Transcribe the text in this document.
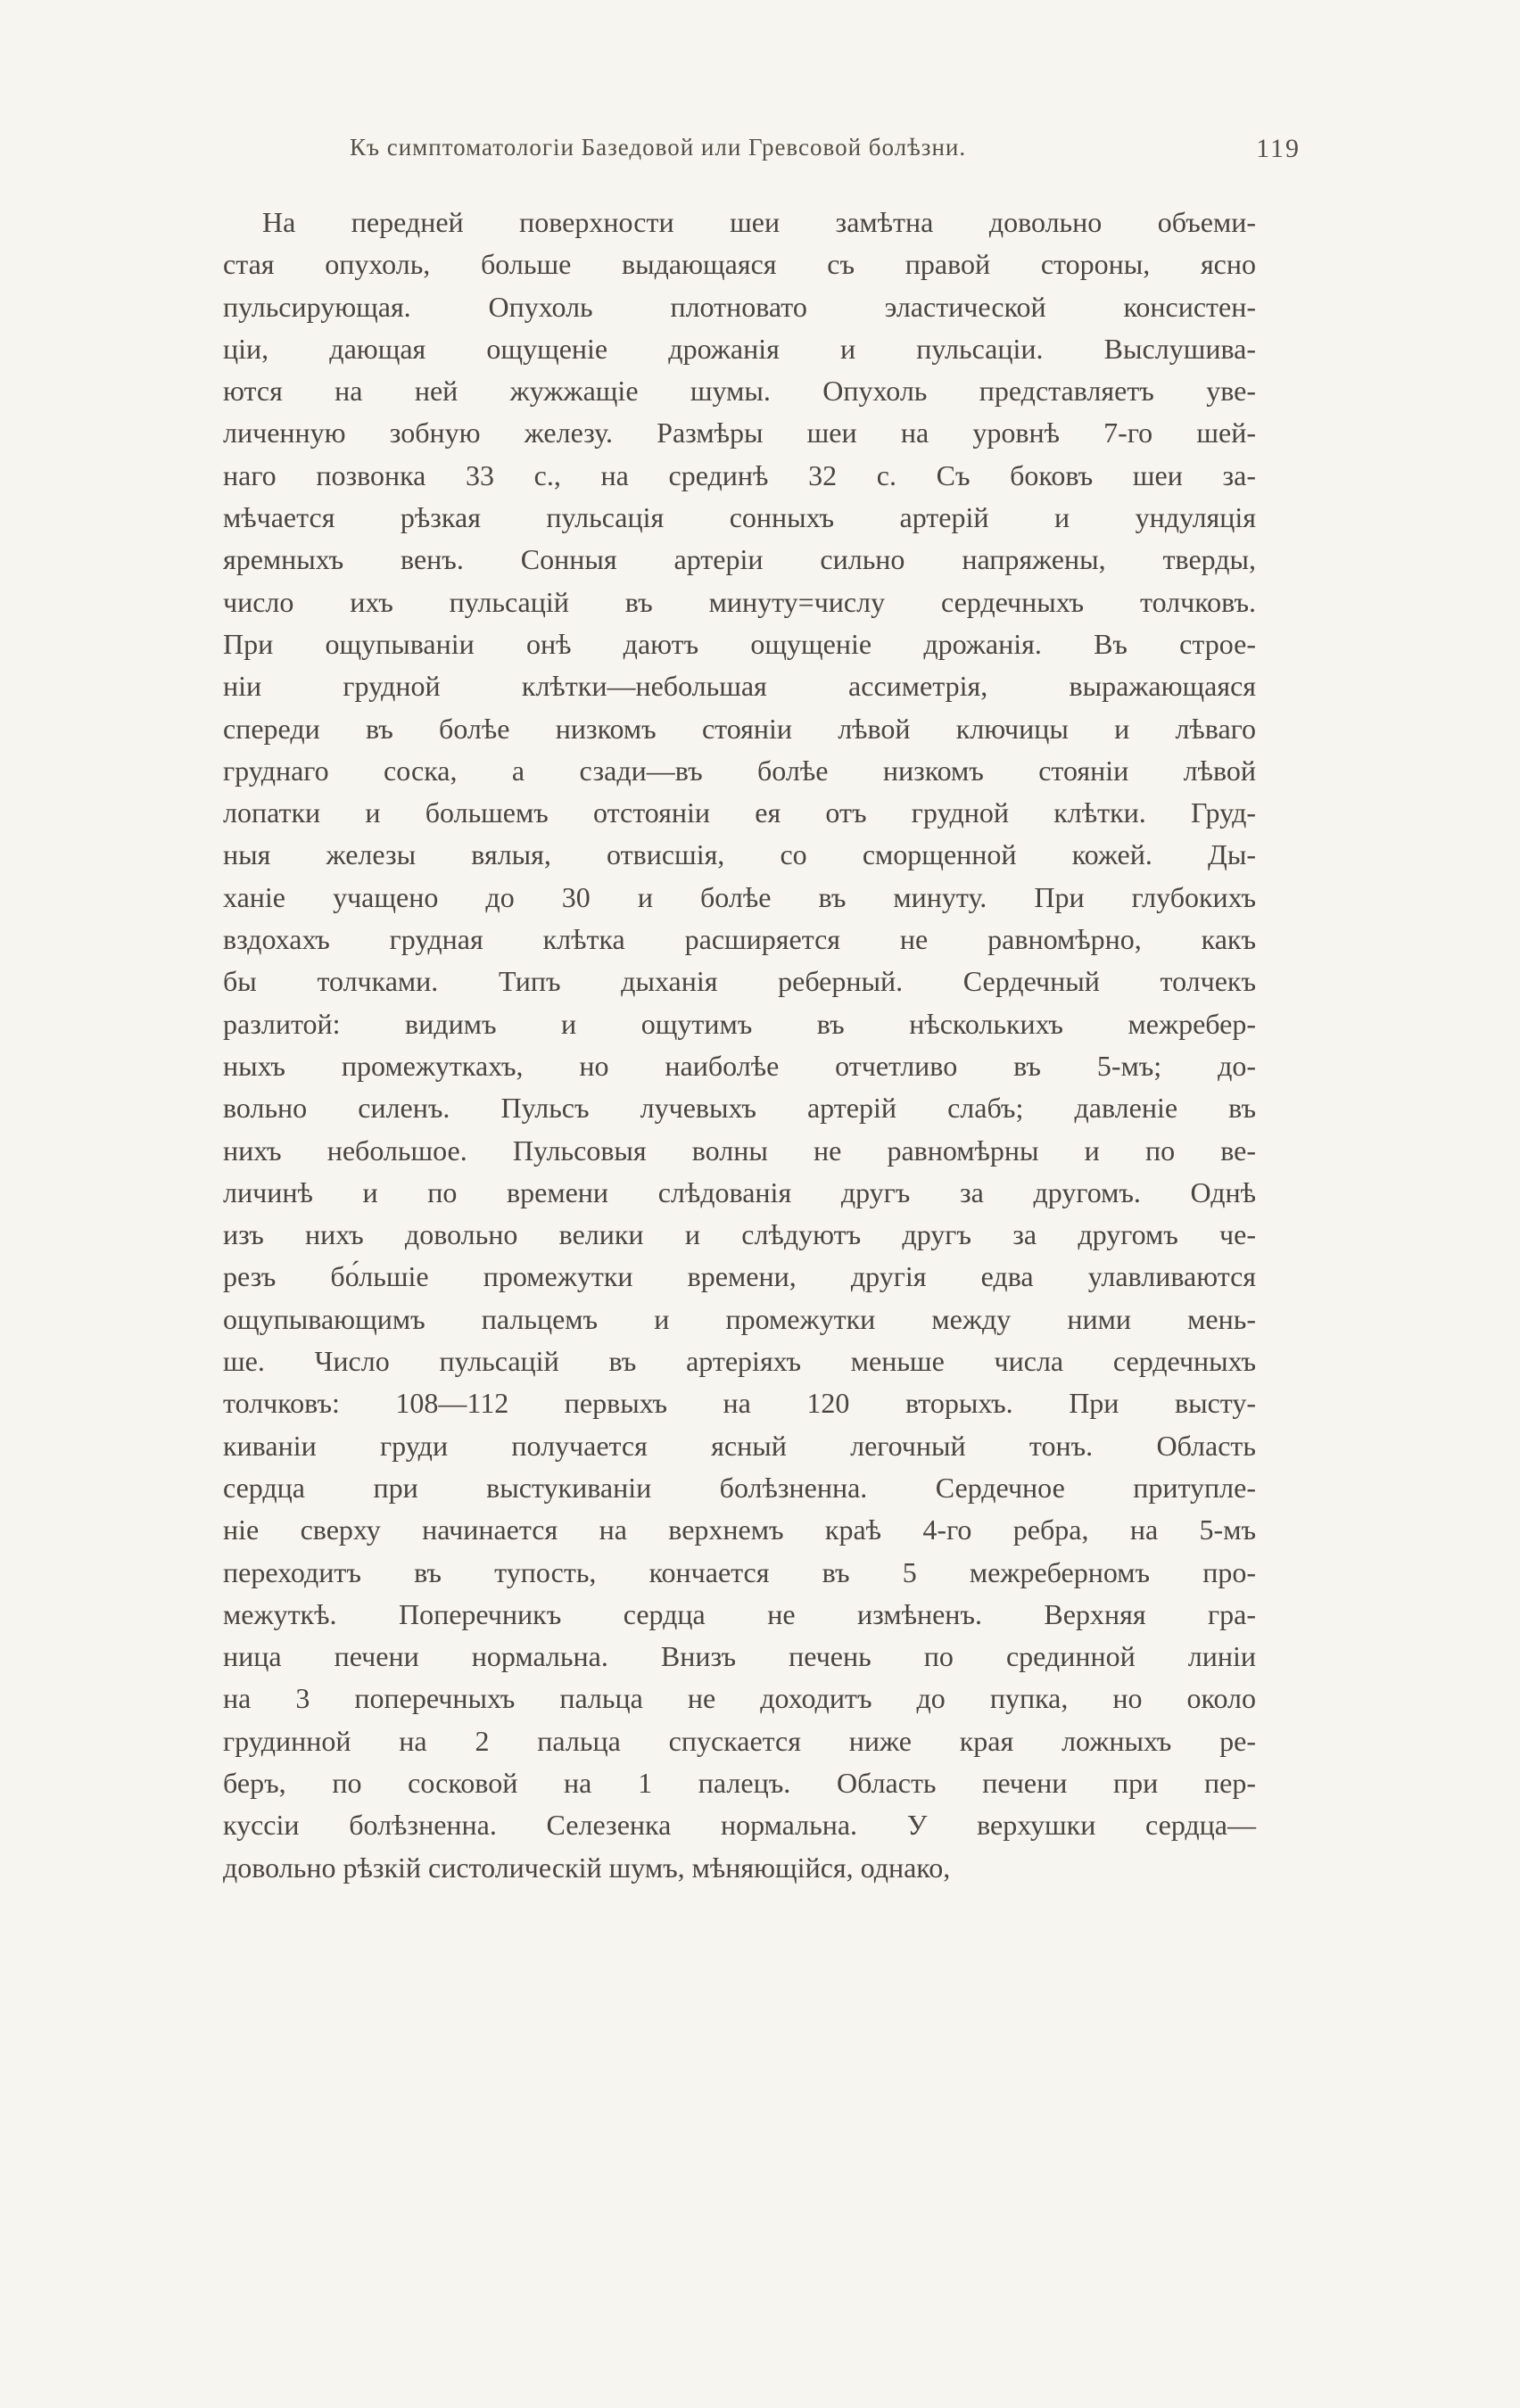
Къ симптоматологіи Базедовой или Гревсовой болѣзни.	119
На передней поверхности шеи замѣтна довольно объеми-
стая опухоль, больше выдающаяся съ правой стороны, ясно
пульсирующая. Опухоль плотновато эластической консистен-
ціи, дающая ощущеніе дрожанія и пульсаціи. Выслушива-
ются на ней жужжащіе шумы. Опухоль представляетъ уве-
личенную зобную железу. Размѣры шеи на уровнѣ 7-го шей-
наго позвонка 33 с., на срединѣ 32 с. Съ боковъ шеи за-
мѣчается рѣзкая пульсація сонныхъ артерій и ундуляція
яремныхъ венъ. Сонныя артеріи сильно напряжены, тверды,
число ихъ пульсацій въ минуту=числу сердечныхъ толчковъ.
При ощупываніи онѣ даютъ ощущеніе дрожанія. Въ строе-
ніи грудной клѣтки—небольшая ассиметрія, выражающаяся
спереди въ болѣе низкомъ стояніи лѣвой ключицы и лѣваго
груднаго соска, а сзади—въ болѣе низкомъ стояніи лѣвой
лопатки и большемъ отстояніи ея отъ грудной клѣтки. Груд-
ныя железы вялыя, отвисшія, со сморщенной кожей. Ды-
ханіе учащено до 30 и болѣе въ минуту. При глубокихъ
вздохахъ грудная клѣтка расширяется не равномѣрно, какъ
бы толчками. Типъ дыханія реберный. Сердечный толчекъ
разлитой: видимъ и ощутимъ въ нѣсколькихъ межребер-
ныхъ промежуткахъ, но наиболѣе отчетливо въ 5-мъ; до-
вольно силенъ. Пульсъ лучевыхъ артерій слабъ; давленіе въ
нихъ небольшое. Пульсовыя волны не равномѣрны и по ве-
личинѣ и по времени слѣдованія другъ за другомъ. Однѣ
изъ нихъ довольно велики и слѣдуютъ другъ за другомъ че-
резъ бо́льшіе промежутки времени, другія едва улавливаются
ощупывающимъ пальцемъ и промежутки между ними мень-
ше. Число пульсацій въ артеріяхъ меньше числа сердечныхъ
толчковъ: 108—112 первыхъ на 120 вторыхъ. При высту-
киваніи груди получается ясный легочный тонъ. Область
сердца при выстукиваніи болѣзненна. Сердечное притупле-
ніе сверху начинается на верхнемъ краѣ 4-го ребра, на 5-мъ
переходитъ въ тупость, кончается въ 5 межреберномъ про-
межуткѣ. Поперечникъ сердца не измѣненъ. Верхняя гра-
ница печени нормальна. Внизъ печень по срединной линіи
на 3 поперечныхъ пальца не доходитъ до пупка, но около
грудинной на 2 пальца спускается ниже края ложныхъ ре-
беръ, по сосковой на 1 палецъ. Область печени при пер-
куссіи болѣзненна. Селезенка нормальна. У верхушки сердца—
довольно рѣзкій систолическій шумъ, мѣняющійся, однако,
